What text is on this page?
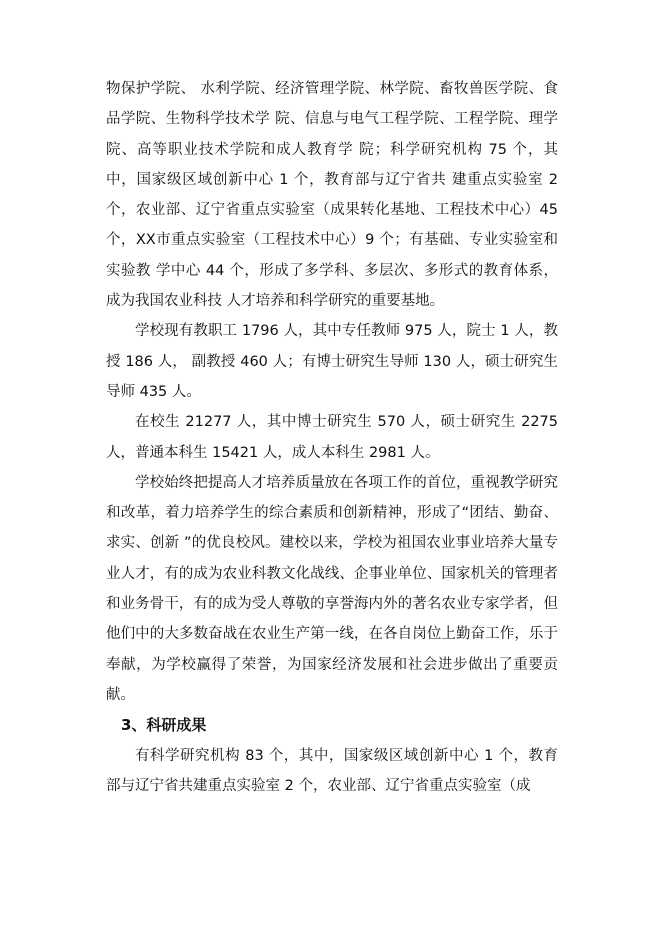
物保护学院、 水利学院、经济管理学院、林学院、畜牧兽医学院、食品学院、生物科学技术学 院、信息与电气工程学院、工程学院、理学院、高等职业技术学院和成人教育学 院；科学研究机构 75 个，其中，国家级区域创新中心 1 个，教育部与辽宁省共 建重点实验室 2 个，农业部、辽宁省重点实验室（成果转化基地、工程技术中心）45 个，XX市重点实验室（工程技术中心）9 个；有基础、专业实验室和实验教 学中心 44 个，形成了多学科、多层次、多形式的教育体系，成为我国农业科技 人才培养和科学研究的重要基地。

学校现有教职工 1796 人，其中专任教师 975 人，院士 1 人，教授 186 人， 副教授 460 人；有博士研究生导师 130 人，硕士研究生导师 435 人。

在校生 21277 人，其中博士研究生 570 人，硕士研究生 2275 人，普通本科生 15421 人，成人本科生 2981 人。

学校始终把提高人才培养质量放在各项工作的首位，重视教学研究和改革，着力培养学生的综合素质和创新精神，形成了“团结、勤奋、求实、创新 ”的优良校风。建校以来，学校为祖国农业事业培养大量专业人才，有的成为农业科教文化战线、企事业单位、国家机关的管理者和业务骨干，有的成为受人尊敬的享誉海内外的著名农业专家学者，但他们中的大多数奋战在农业生产第一线，在各自岗位上勤奋工作，乐于奉献，为学校赢得了荣誉，为国家经济发展和社会进步做出了重要贡献。

3、科研成果

有科学研究机构 83 个，其中，国家级区域创新中心 1 个，教育部与辽宁省共建重点实验室 2 个，农业部、辽宁省重点实验室（成
